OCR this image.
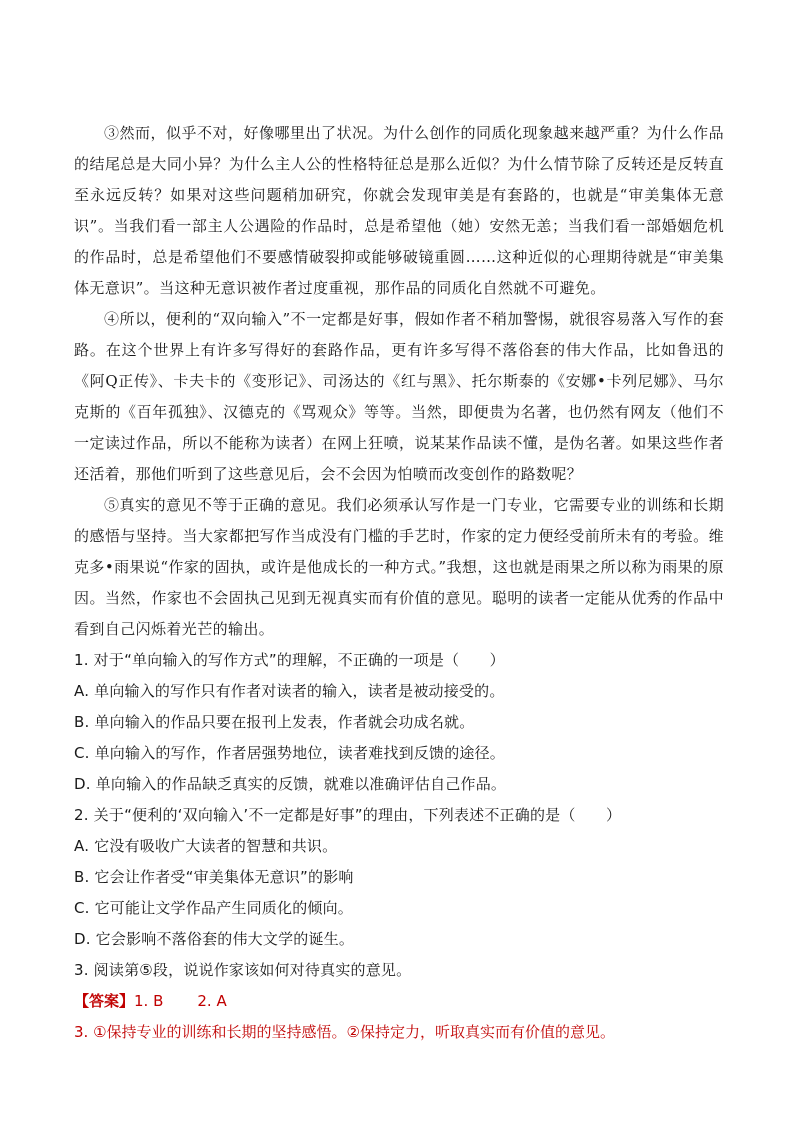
③然而，似乎不对，好像哪里出了状况。为什么创作的同质化现象越来越严重？为什么作品的结尾总是大同小异？为什么主人公的性格特征总是那么近似？为什么情节除了反转还是反转直至永远反转？如果对这些问题稍加研究，你就会发现审美是有套路的，也就是“审美集体无意识”。当我们看一部主人公遇险的作品时，总是希望他（她）安然无恙；当我们看一部婚姻危机的作品时，总是希望他们不要感情破裂抑或能够破镜重圆……这种近似的心理期待就是“审美集体无意识”。当这种无意识被作者过度重视，那作品的同质化自然就不可避免。

④所以，便利的“双向输入”不一定都是好事，假如作者不稍加警惕，就很容易落入写作的套路。在这个世界上有许多写得好的套路作品，更有许多写得不落俗套的伟大作品，比如鲁迅的《阿Q正传》、卡夫卡的《变形记》、司汤达的《红与黑》、托尔斯泰的《安娜•卡列尼娜》、马尔克斯的《百年孤独》、汉德克的《骂观众》等等。当然，即便贵为名著，也仍然有网友（他们不一定读过作品，所以不能称为读者）在网上狂喷，说某某作品读不懂，是伪名著。如果这些作者还活着，那他们听到了这些意见后，会不会因为怕喷而改变创作的路数呢？

⑤真实的意见不等于正确的意见。我们必须承认写作是一门专业，它需要专业的训练和长期的感悟与坚持。当大家都把写作当成没有门槛的手艺时，作家的定力便经受前所未有的考验。维克多•雨果说“作家的固执，或许是他成长的一种方式。”我想，这也就是雨果之所以称为雨果的原因。当然，作家也不会固执己见到无视真实而有价值的意见。聪明的读者一定能从优秀的作品中看到自己闪烁着光芒的输出。

1. 对于“单向输入的写作方式”的理解，不正确的一项是（　　）

A. 单向输入的写作只有作者对读者的输入，读者是被动接受的。

B. 单向输入的作品只要在报刊上发表，作者就会功成名就。

C. 单向输入的写作，作者居强势地位，读者难找到反馈的途径。

D. 单向输入的作品缺乏真实的反馈，就难以准确评估自己作品。

2. 关于“便利的‘双向输入’不一定都是好事”的理由，下列表述不正确的是（　　）

A. 它没有吸收广大读者的智慧和共识。

B. 它会让作者受“审美集体无意识”的影响

C. 它可能让文学作品产生同质化的倾向。

D. 它会影响不落俗套的伟大文学的诞生。

3. 阅读第⑤段，说说作家该如何对待真实的意见。

【答案】1. B 2. A

3. ①保持专业的训练和长期的坚持感悟。②保持定力，听取真实而有价值的意见。
